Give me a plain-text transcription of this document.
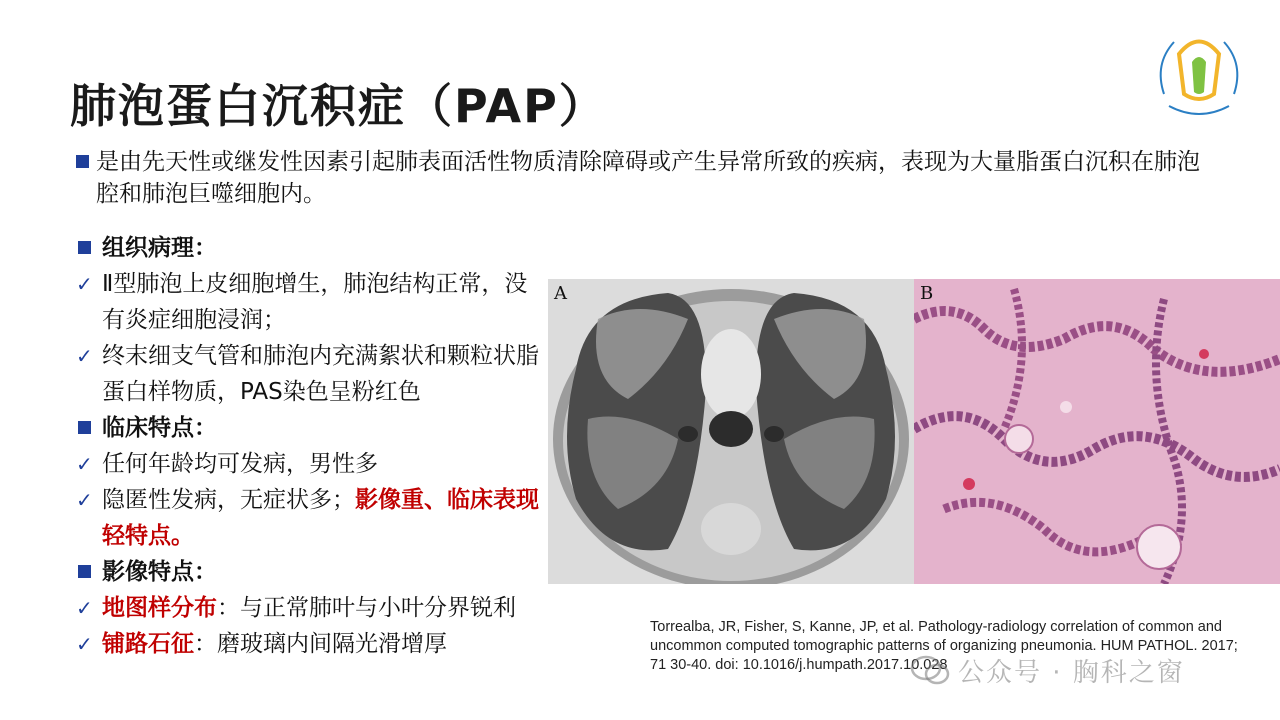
肺泡蛋白沉积症（PAP）
是由先天性或继发性因素引起肺表面活性物质清除障碍或产生异常所致的疾病，表现为大量脂蛋白沉积在肺泡腔和肺泡巨噬细胞内。
组织病理：
✓ Ⅱ型肺泡上皮细胞增生，肺泡结构正常，没有炎症细胞浸润；
✓ 终末细支气管和肺泡内充满絮状和颗粒状脂蛋白样物质，PAS染色呈粉红色
临床特点：
✓ 任何年龄均可发病，男性多
✓ 隐匿性发病，无症状多；影像重、临床表现轻特点。
影像特点：
✓ 地图样分布：与正常肺叶与小叶分界锐利
✓ 铺路石征：磨玻璃内间隔光滑增厚
A	B
Torrealba, JR, Fisher, S, Kanne, JP, et al. Pathology-radiology correlation of common and uncommon computed tomographic patterns of organizing pneumonia. HUM PATHOL. 2017; 71 30-40. doi: 10.1016/j.humpath.2017.10.028 公众号 · 胸科之窗
